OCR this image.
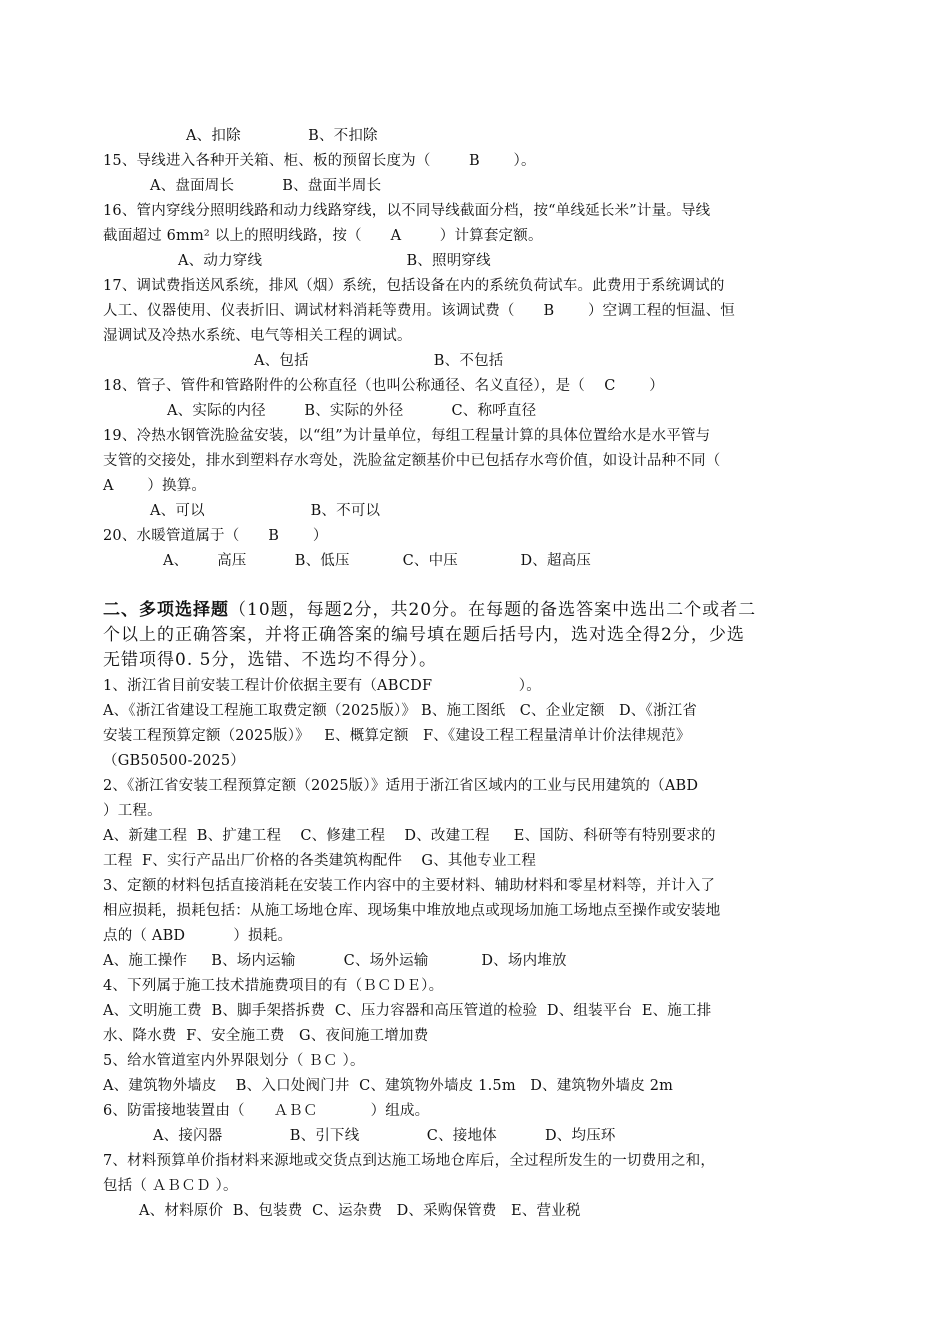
A、扣除              B、不扣除
15、导线进入各种开关箱、柜、板的预留长度为（        B       ）。
A、盘面周长          B、盘面半周长
16、管内穿线分照明线路和动力线路穿线，以不同导线截面分档，按“单线延长米”计量。导线
截面超过 6mm² 以上的照明线路，按（      A        ）计算套定额。
A、动力穿线                              B、照明穿线
17、调试费指送风系统，排风（烟）系统，包括设备在内的系统负荷试车。此费用于系统调试的
人工、仪器使用、仪表折旧、调试材料消耗等费用。该调试费（      B       ）空调工程的恒温、恒
湿调试及冷热水系统、电气等相关工程的调试。
A、包括                          B、不包括
18、管子、管件和管路附件的公称直径（也叫公称通径、名义直径），是（    C       ）
A、实际的内径        B、实际的外径          C、称呼直径
19、冷热水钢管洗脸盆安装，以“组”为计量单位，每组工程量计算的具体位置给水是水平管与
支管的交接处，排水到塑料存水弯处，洗脸盆定额基价中已包括存水弯价值，如设计品种不同（
A       ）换算。
A、可以                      B、不可以
20、水暖管道属于（      B       ）
A、      高压          B、低压           C、中压             D、超高压
二、多项选择题（10题，每题2分，共20分。在每题的备选答案中选出二个或者二
个以上的正确答案，并将正确答案的编号填在题后括号内，选对选全得2分，少选
无错项得0. 5分，选错、不选均不得分）。
1、浙江省目前安装工程计价依据主要有（ABCDF                  ）。
A、《浙江省建设工程施工取费定额（2025版）》 B、施工图纸   C、企业定额   D、《浙江省
安装工程预算定额（2025版）》   E、概算定额   F、《建设工程工程量清单计价法律规范》
（GB50500-2025）
2、《浙江省安装工程预算定额（2025版）》适用于浙江省区域内的工业与民用建筑的（ABD
）工程。
A、新建工程  B、扩建工程    C、修建工程    D、改建工程     E、国防、科研等有特别要求的
工程  F、实行产品出厂价格的各类建筑构配件    G、其他专业工程
3、定额的材料包括直接消耗在安装工作内容中的主要材料、辅助材料和零星材料等，并计入了
相应损耗，损耗包括：从施工场地仓库、现场集中堆放地点或现场加施工场地点至操作或安装地
点的（ ABD          ）损耗。
A、施工操作     B、场内运输          C、场外运输           D、场内堆放
4、下列属于施工技术措施费项目的有（ＢＣＤＥ）。
A、文明施工费  B、脚手架搭拆费  C、压力容器和高压管道的检验  D、组装平台  E、施工排
水、降水费  F、安全施工费   G、夜间施工增加费
5、给水管道室内外界限划分（ ＢＣ ）。
A、建筑物外墙皮    B、入口处阀门井  C、建筑物外墙皮 1.5m   D、建筑物外墙皮 2m
6、防雷接地装置由（      ＡＢＣ           ）组成。
A、接闪器              B、引下线              C、接地体          D、均压环
7、材料预算单价指材料来源地或交货点到达施工场地仓库后，全过程所发生的一切费用之和，
包括（ ＡＢＣＤ ）。
A、材料原价  B、包装费  C、运杂费   D、采购保管费   E、营业税
